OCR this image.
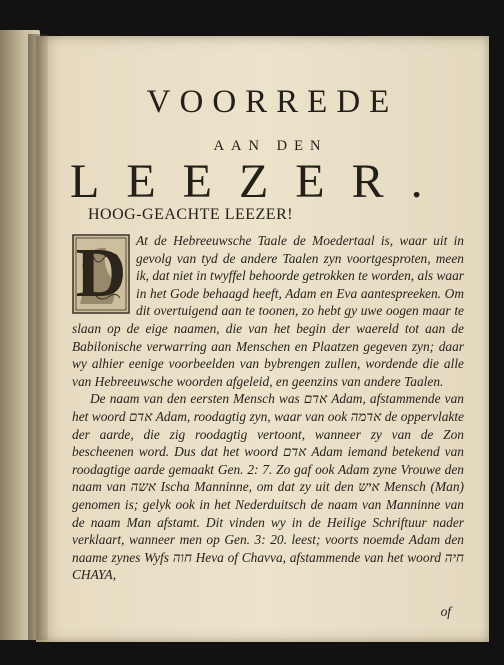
VOORREDE
AAN DEN
LEEZER.
HOOG-GEACHTE LEEZER!

D At de Hebreeuwsche Taale de Moedertaal is, waar uit in gevolg van tyd de andere Taalen zyn voortgesproten, meen ik, dat niet in twyffel behoorde getrokken te worden, als waar in het Gode behaagd heeft, Adam en Eva aantespreeken. Om dit overtuigend aan te toonen, zo hebt gy uwe oogen maar te slaan op de eige naamen, die van het begin der waereld tot aan de Babilonische verwarring aan Menschen en Plaatzen gegeven zyn; daar wy alhier eenige voorbeelden van bybrengen zullen, wordende die alle van Hebreeuwsche woorden afgeleid, en geenzins van andere Taalen.

De naam van den eersten Mensch was אדם Adam, afstammende van het woord אדם Adam, roodagtig zyn, waar van ook אדמה de oppervlakte der aarde, die zig roodagtig vertoont, wanneer zy van de Zon bescheenen word. Dus dat het woord אדם Adam iemand betekend van roodagtige aarde gemaakt Gen. 2: 7. Zo gaf ook Adam zyne Vrouwe den naam van אשה Ischa Manninne, om dat zy uit den איש Mensch (Man) genomen is; gelyk ook in het Nederduitsch de naam van Manninne van de naam Man afstamt. Dit vinden wy in de Heilige Schriftuur nader verklaart, wanneer men op Gen. 3: 20. leest; voorts noemde Adam den naame zynes Wyfs חוה Heva of Chavva, afstammende van het woord חיה CHAYA,

of
